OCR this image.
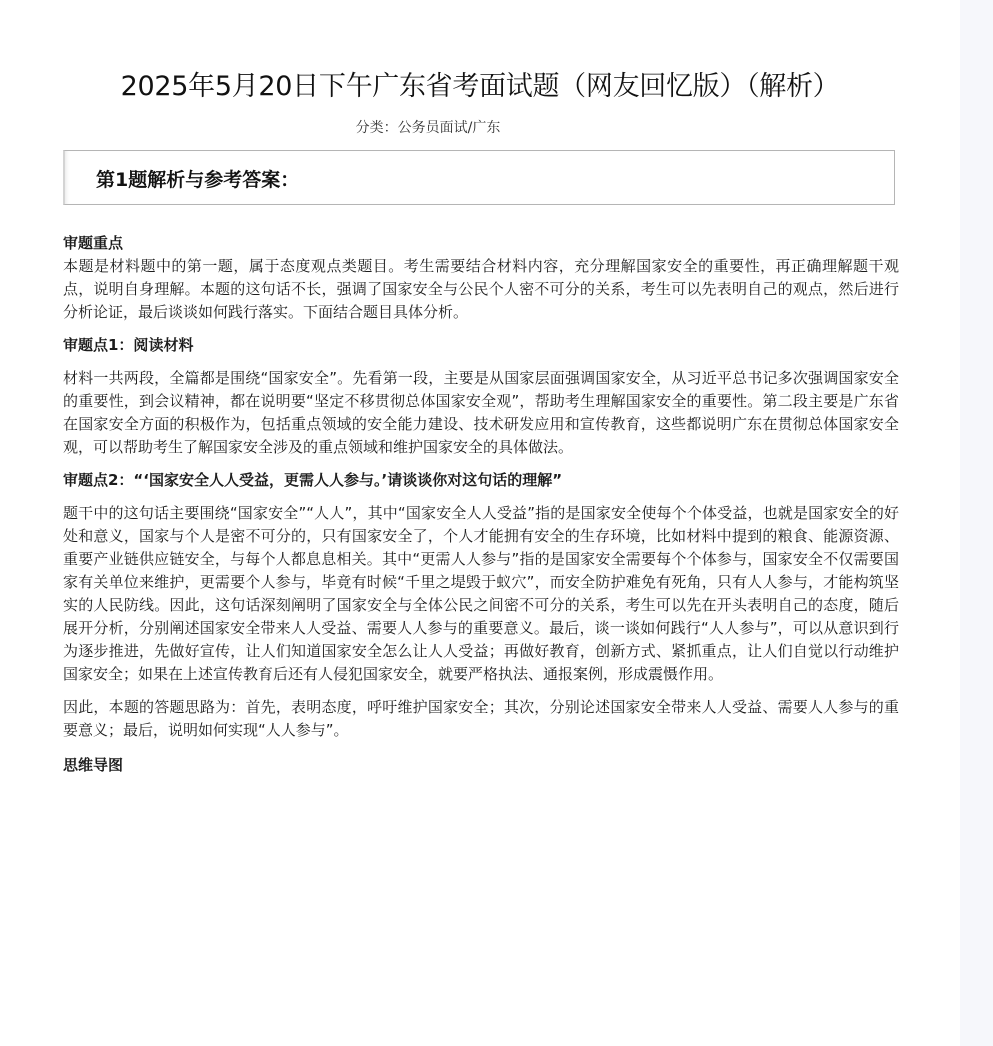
2025年5月20日下午广东省考面试题（网友回忆版）（解析）
分类：公务员面试/广东
第1题解析与参考答案：
审题重点

本题是材料题中的第一题，属于态度观点类题目。考生需要结合材料内容，充分理解国家安全的重要性，再正确理解题干观点，说明自身理解。本题的这句话不长，强调了国家安全与公民个人密不可分的关系，考生可以先表明自己的观点，然后进行分析论证，最后谈谈如何践行落实。下面结合题目具体分析。

审题点1：阅读材料

材料一共两段，全篇都是围绕“国家安全”。先看第一段，主要是从国家层面强调国家安全，从习近平总书记多次强调国家安全的重要性，到会议精神，都在说明要“坚定不移贯彻总体国家安全观”，帮助考生理解国家安全的重要性。第二段主要是广东省在国家安全方面的积极作为，包括重点领域的安全能力建设、技术研发应用和宣传教育，这些都说明广东在贯彻总体国家安全观，可以帮助考生了解国家安全涉及的重点领域和维护国家安全的具体做法。

审题点2：“‘国家安全人人受益，更需人人参与。’请谈谈你对这句话的理解”

题干中的这句话主要围绕“国家安全”“人人”，其中“国家安全人人受益”指的是国家安全使每个个体受益，也就是国家安全的好处和意义，国家与个人是密不可分的，只有国家安全了，个人才能拥有安全的生存环境，比如材料中提到的粮食、能源资源、重要产业链供应链安全，与每个人都息息相关。其中“更需人人参与”指的是国家安全需要每个个体参与，国家安全不仅需要国家有关单位来维护，更需要个人参与，毕竟有时候“千里之堤毁于蚁穴”，而安全防护难免有死角，只有人人参与，才能构筑坚实的人民防线。因此，这句话深刻阐明了国家安全与全体公民之间密不可分的关系，考生可以先在开头表明自己的态度，随后展开分析，分别阐述国家安全带来人人受益、需要人人参与的重要意义。最后，谈一谈如何践行“人人参与”，可以从意识到行为逐步推进，先做好宣传，让人们知道国家安全怎么让人人受益；再做好教育，创新方式、紧抓重点，让人们自觉以行动维护国家安全；如果在上述宣传教育后还有人侵犯国家安全，就要严格执法、通报案例，形成震慑作用。

因此，本题的答题思路为：首先，表明态度，呼吁维护国家安全；其次，分别论述国家安全带来人人受益、需要人人参与的重要意义；最后，说明如何实现“人人参与”。

思维导图
